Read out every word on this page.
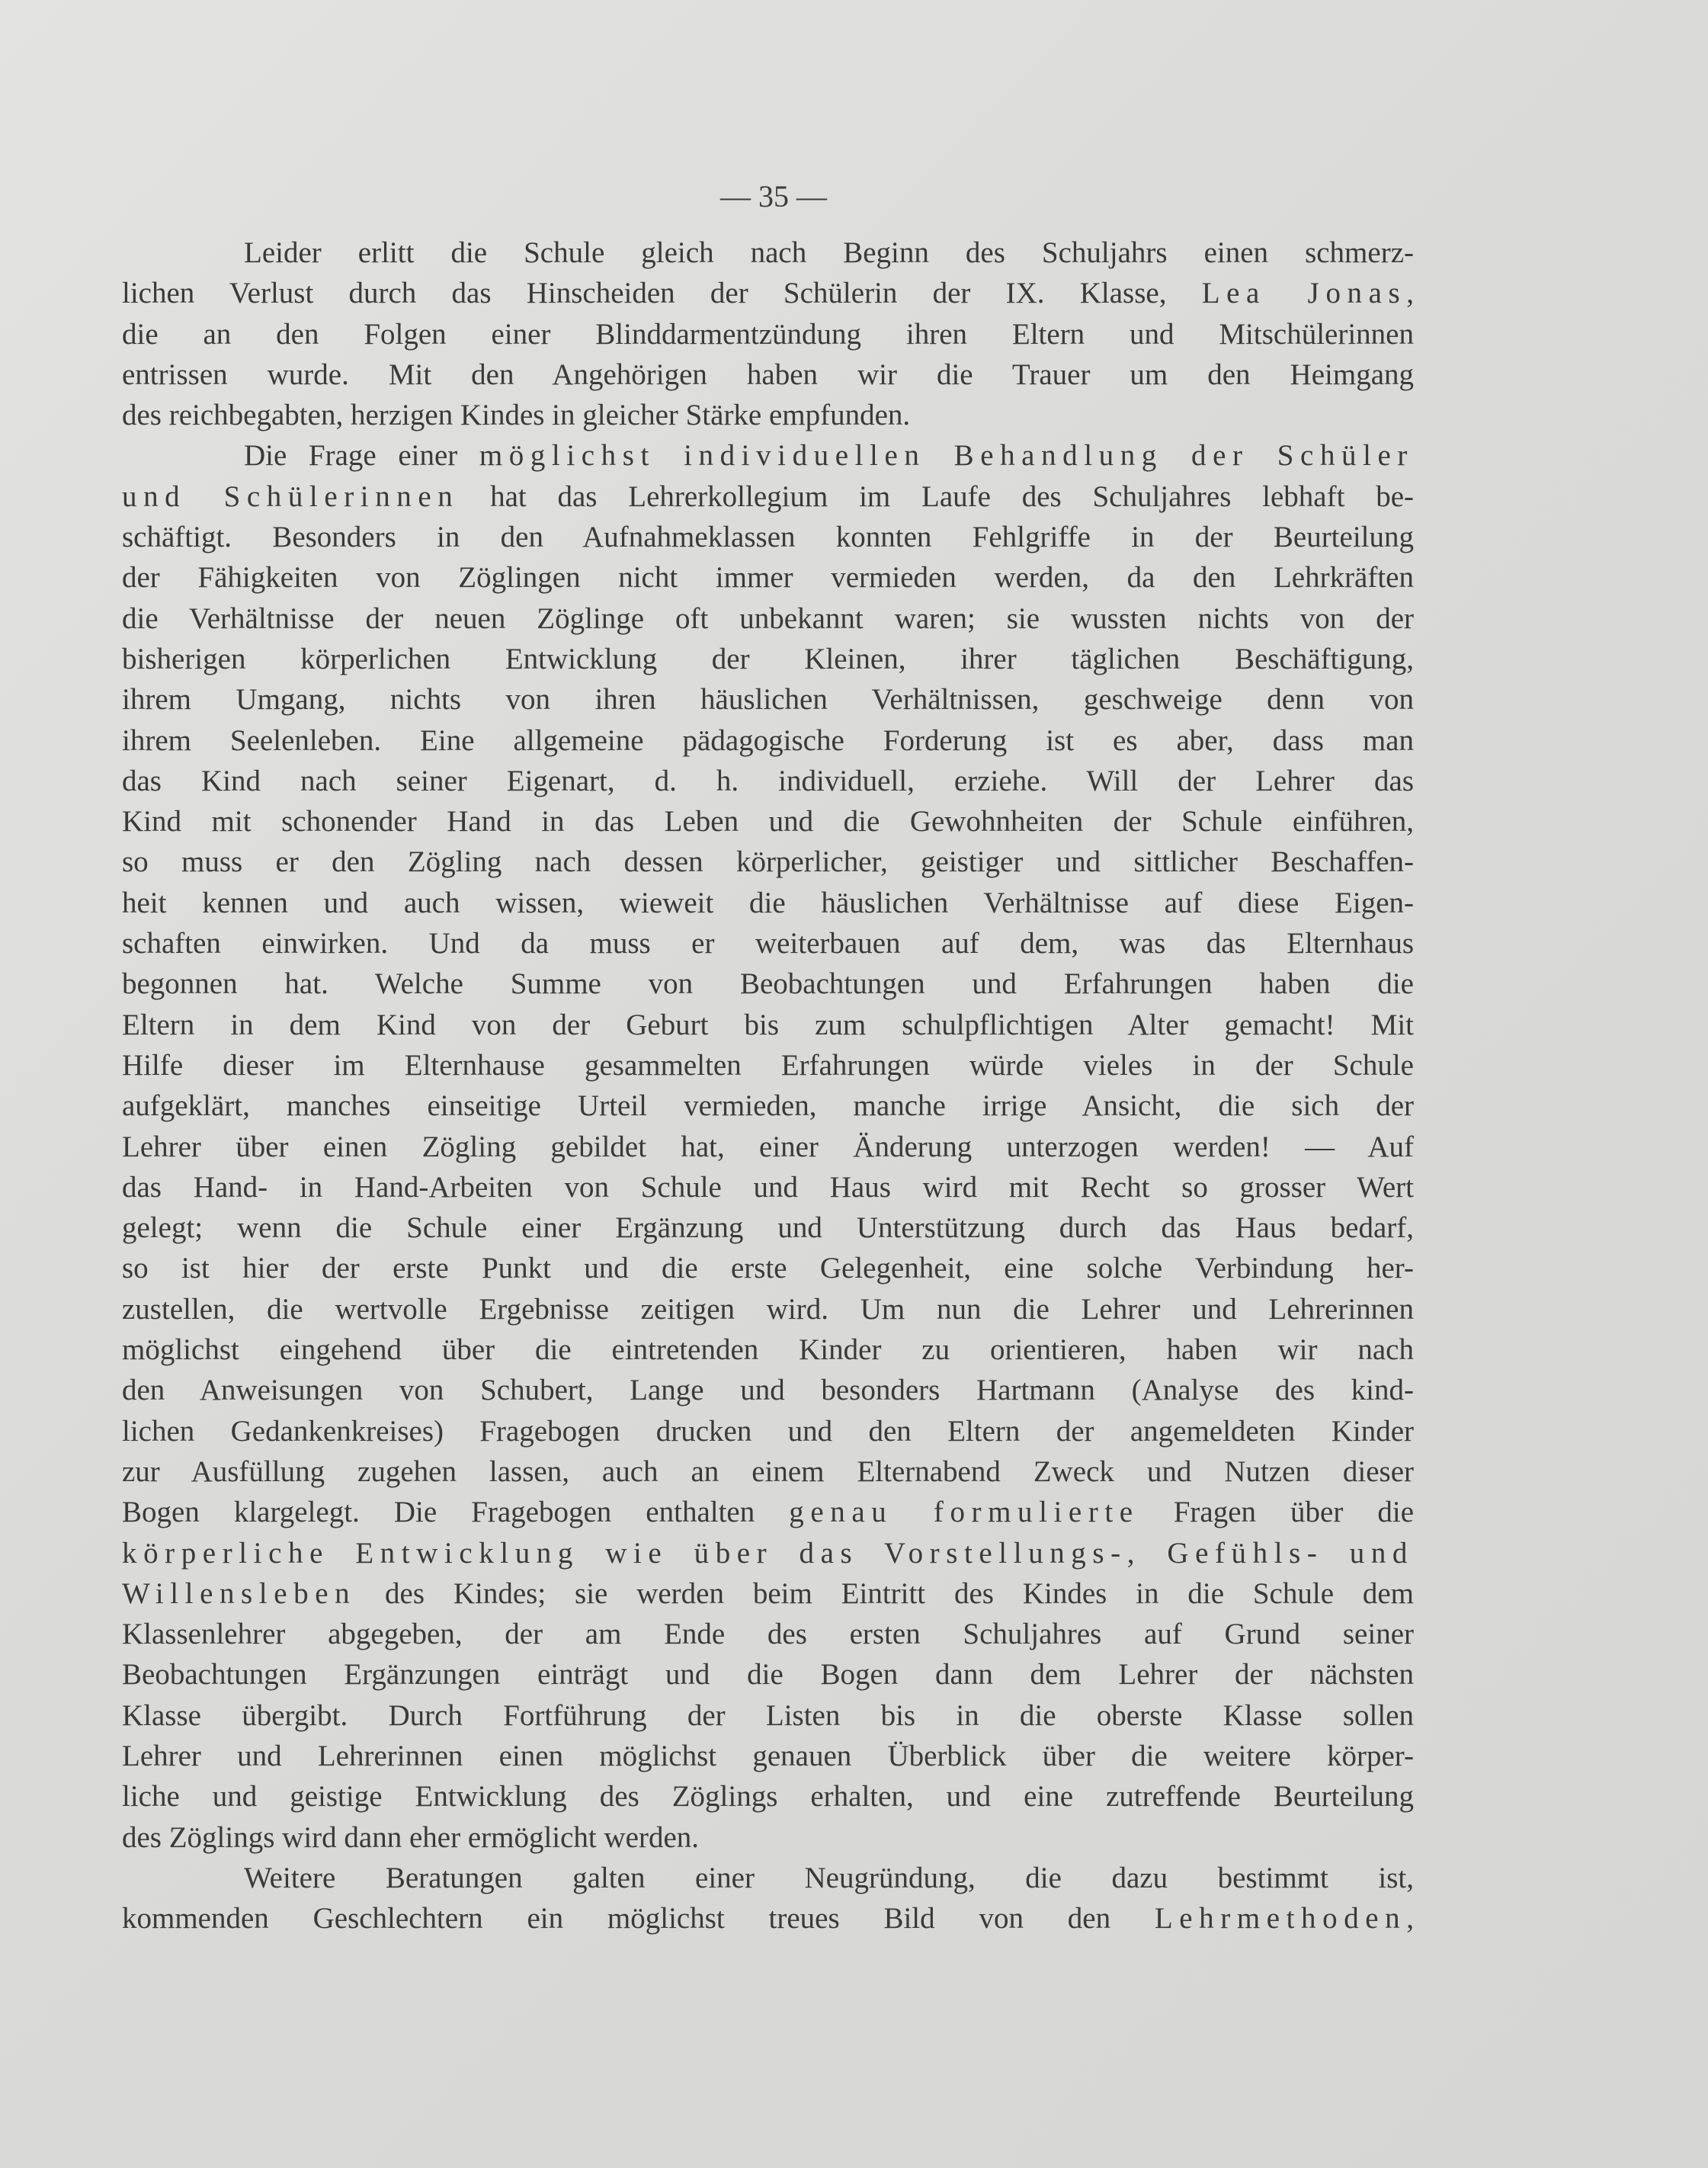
— 35 —
Leider erlitt die Schule gleich nach Beginn des Schuljahrs einen schmerz-
lichen Verlust durch das Hinscheiden der Schülerin der IX. Klasse, Lea Jonas,
die an den Folgen einer Blinddarmentzündung ihren Eltern und Mitschülerinnen
entrissen wurde. Mit den Angehörigen haben wir die Trauer um den Heimgang
des reichbegabten, herzigen Kindes in gleicher Stärke empfunden.
Die Frage einer möglichst individuellen Behandlung der Schüler
und Schülerinnen hat das Lehrerkollegium im Laufe des Schuljahres lebhaft be-
schäftigt. Besonders in den Aufnahmeklassen konnten Fehlgriffe in der Beurteilung
der Fähigkeiten von Zöglingen nicht immer vermieden werden, da den Lehrkräften
die Verhältnisse der neuen Zöglinge oft unbekannt waren; sie wussten nichts von der
bisherigen körperlichen Entwicklung der Kleinen, ihrer täglichen Beschäftigung,
ihrem Umgang, nichts von ihren häuslichen Verhältnissen, geschweige denn von
ihrem Seelenleben. Eine allgemeine pädagogische Forderung ist es aber, dass man
das Kind nach seiner Eigenart, d. h. individuell, erziehe. Will der Lehrer das
Kind mit schonender Hand in das Leben und die Gewohnheiten der Schule einführen,
so muss er den Zögling nach dessen körperlicher, geistiger und sittlicher Beschaffen-
heit kennen und auch wissen, wieweit die häuslichen Verhältnisse auf diese Eigen-
schaften einwirken. Und da muss er weiterbauen auf dem, was das Elternhaus
begonnen hat. Welche Summe von Beobachtungen und Erfahrungen haben die
Eltern in dem Kind von der Geburt bis zum schulpflichtigen Alter gemacht! Mit
Hilfe dieser im Elternhause gesammelten Erfahrungen würde vieles in der Schule
aufgeklärt, manches einseitige Urteil vermieden, manche irrige Ansicht, die sich der
Lehrer über einen Zögling gebildet hat, einer Änderung unterzogen werden! — Auf
das Hand- in Hand-Arbeiten von Schule und Haus wird mit Recht so grosser Wert
gelegt; wenn die Schule einer Ergänzung und Unterstützung durch das Haus bedarf,
so ist hier der erste Punkt und die erste Gelegenheit, eine solche Verbindung her-
zustellen, die wertvolle Ergebnisse zeitigen wird. Um nun die Lehrer und Lehrerinnen
möglichst eingehend über die eintretenden Kinder zu orientieren, haben wir nach
den Anweisungen von Schubert, Lange und besonders Hartmann (Analyse des kind-
lichen Gedankenkreises) Fragebogen drucken und den Eltern der angemeldeten Kinder
zur Ausfüllung zugehen lassen, auch an einem Elternabend Zweck und Nutzen dieser
Bogen klargelegt. Die Fragebogen enthalten genau formulierte Fragen über die
körperliche Entwicklung wie über das Vorstellungs-, Gefühls- und
Willensleben des Kindes; sie werden beim Eintritt des Kindes in die Schule dem
Klassenlehrer abgegeben, der am Ende des ersten Schuljahres auf Grund seiner
Beobachtungen Ergänzungen einträgt und die Bogen dann dem Lehrer der nächsten
Klasse übergibt. Durch Fortführung der Listen bis in die oberste Klasse sollen
Lehrer und Lehrerinnen einen möglichst genauen Überblick über die weitere körper-
liche und geistige Entwicklung des Zöglings erhalten, und eine zutreffende Beurteilung
des Zöglings wird dann eher ermöglicht werden.
Weitere Beratungen galten einer Neugründung, die dazu bestimmt ist,
kommenden Geschlechtern ein möglichst treues Bild von den Lehrmethoden,
